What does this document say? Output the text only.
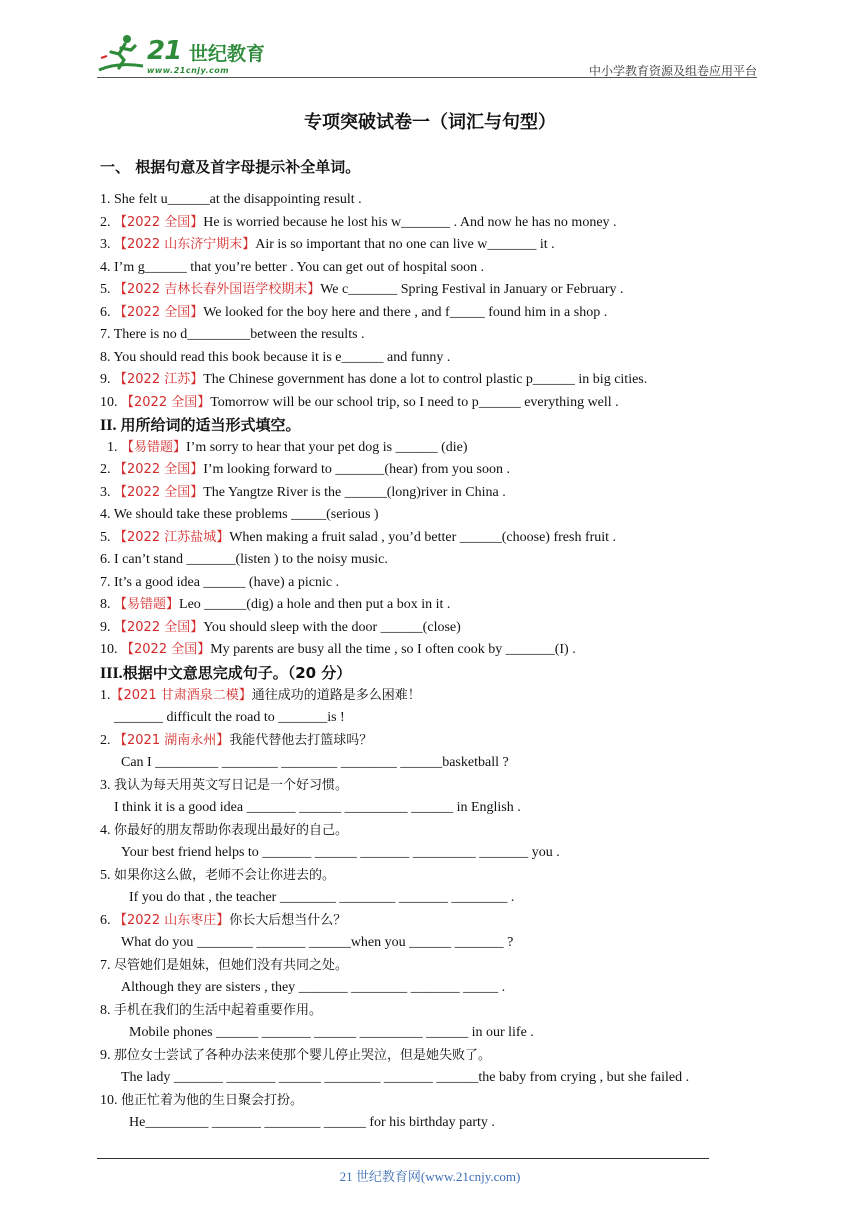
21 世纪教育
www.21cnjy.com	中小学教育资源及组卷应用平台
专项突破试卷一（词汇与句型）
一、 根据句意及首字母提示补全单词。
1. She felt u______at the disappointing result .
2. 【2022 全国】He is worried because he lost his w_______ . And now he has no money .
3. 【2022 山东济宁期末】Air is so important that no one can live w_______ it .
4. I’m g______ that you’re better . You can get out of hospital soon .
5. 【2022 吉林长春外国语学校期末】We c_______ Spring Festival in January or February .
6. 【2022 全国】We looked for the boy here and there , and f_____ found him in a shop .
7. There is no d_________between the results .
8. You should read this book because it is e______ and funny .
9. 【2022 江苏】The Chinese government has done a lot to control plastic p______ in big cities.
10. 【2022 全国】Tomorrow will be our school trip, so I need to p______ everything well .
II. 用所给词的适当形式填空。
1. 【易错题】I’m sorry to hear that your pet dog is ______ (die)
2. 【2022 全国】I’m looking forward to _______(hear) from you soon .
3. 【2022 全国】The Yangtze River is the ______(long)river in China .
4. We should take these problems _____(serious )
5. 【2022 江苏盐城】When making a fruit salad , you’d better ______(choose) fresh fruit .
6. I can’t stand _______(listen ) to the noisy music.
7. It’s a good idea ______ (have) a picnic .
8. 【易错题】Leo ______(dig) a hole and then put a box in it .
9. 【2022 全国】You should sleep with the door ______(close)
10. 【2022 全国】My parents are busy all the time , so I often cook by _______(I) .
III.根据中文意思完成句子。（20 分）
1.【2021 甘肃酒泉二模】通往成功的道路是多么困难！
_______ difficult the road to _______is !
2. 【2021 湖南永州】我能代替他去打篮球吗？
Can I _________ ________ ________ ________ ______basketball ?
3. 我认为每天用英文写日记是一个好习惯。
I think it is a good idea _______ ______ _________ ______ in English .
4. 你最好的朋友帮助你表现出最好的自己。
Your best friend helps to _______ ______ _______ _________ _______ you .
5. 如果你这么做，老师不会让你进去的。
If you do that , the teacher ________ ________ _______ ________ .
6. 【2022 山东枣庄】你长大后想当什么？
What do you ________ _______ ______when you ______ _______ ?
7. 尽管她们是姐妹，但她们没有共同之处。
Although they are sisters , they _______ ________ _______ _____ .
8. 手机在我们的生活中起着重要作用。
Mobile phones ______ _______ ______ _________ ______ in our life .
9. 那位女士尝试了各种办法来使那个婴儿停止哭泣，但是她失败了。
The lady _______ _______ ______ ________ _______ ______the baby from crying , but she failed .
10. 他正忙着为他的生日聚会打扮。
He_________ _______ ________ ______ for his birthday party .
21 世纪教育网(www.21cnjy.com)
